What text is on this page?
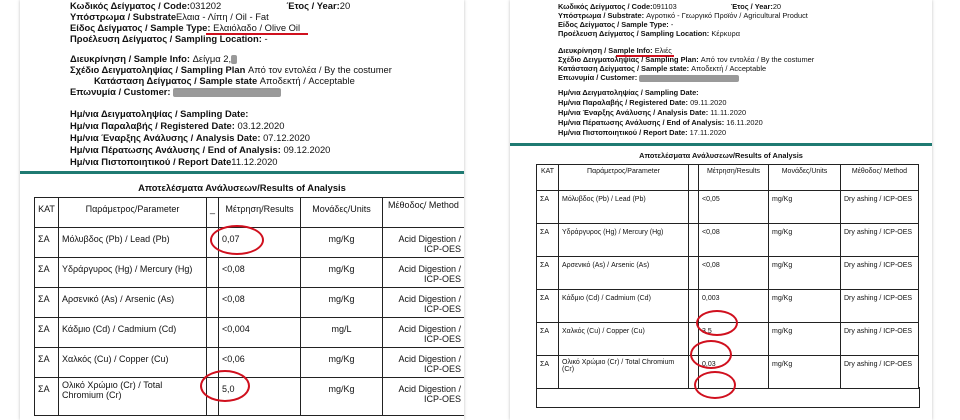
Κωδικός Δείγματος / Code:031202	Έτος / Year:20
Υπόστρωμα / SubstrateΕλαια - Λίπη / Oil - Fat
Είδος Δείγματος / Sample Type: Ελαιόλαδο / Olive Oil
Προέλευση Δείγματος / Sampling Location: -
Διευκρίνηση / Sample Info: Δείγμα 2,
Σχέδιο Δειγματοληψίας / Sampling Plan Από τον εντολέα / By the costumer
Κατάσταση Δείγματος / Sample state Αποδεκτή / Acceptable
Επωνυμία / Customer:
Ημ/νια Δειγματοληψίας / Sampling Date:
Ημ/νια Παραλαβής / Registered Date: 03.12.2020
Ημ/νια Έναρξης Ανάλυσης / Analysis Date: 07.12.2020
Ημ/νια Πέρατωσης Ανάλυσης / End of Analysis: 09.12.2020
Ημ/νια Πιστοποιητικού / Report Date11.12.2020
Αποτελέσματα Ανάλυσεων/Results of Analysis
ΚΑΤ	Παράμετρος/Parameter	_	Μέτρηση/Results	Μονάδες/Units	Μέθοδος/ Method
ΣΑ	Μόλυβδος (Pb) / Lead (Pb)		0,07	mg/Kg	Acid Digestion / ICP-OES
ΣΑ	Υδράργυρος (Hg) / Mercury (Hg)		<0,08	mg/Kg	Acid Digestion / ICP-OES
ΣΑ	Αρσενικό (As) / Arsenic (As)		<0,08	mg/Kg	Acid Digestion / ICP-OES
ΣΑ	Κάδμιο (Cd) / Cadmium (Cd)		<0,004	mg/L	Acid Digestion / ICP-OES
ΣΑ	Χαλκός (Cu) / Copper (Cu)		<0,06	mg/Kg	Acid Digestion / ICP-OES
ΣΑ	Ολικό Χρώμιο (Cr) / Total Chromium (Cr)		5,0	mg/Kg	Acid Digestion / ICP-OES
Κωδικός Δείγματος / Code:091103	Έτος / Year:20
Υπόστρωμα / Substrate: Αγροτικό - Γεωργικό Προϊόν / Agricultural Product
Είδος Δείγματος / Sample Type: -
Προέλευση Δείγματος / Sampling Location: Κέρκυρα
Διευκρίνηση / Sample Info: Ελιές
Σχέδιο Δειγματοληψίας / Sampling Plan: Από τον εντολέα / By the costumer
Κατάσταση Δείγματος / Sample state: Αποδεκτή / Acceptable
Επωνυμία / Customer:
Ημ/νια Δειγματοληψίας / Sampling Date:
Ημ/νια Παραλαβής / Registered Date: 09.11.2020
Ημ/νια Έναρξης Ανάλυσης / Analysis Date: 11.11.2020
Ημ/νια Πέρατωσης Ανάλυσης / End of Analysis: 16.11.2020
Ημ/νια Πιστοποιητικού / Report Date: 17.11.2020
Αποτελέσματα Ανάλυσεων/Results of Analysis
ΚΑΤ	Παράμετρος/Parameter		Μέτρηση/Results	Μονάδες/Units	Μέθοδος/ Method
ΣΑ	Μόλυβδος (Pb) / Lead (Pb)		<0,05	mg/Kg	Dry ashing / ICP-OES
ΣΑ	Υδράργυρος (Hg) / Mercury (Hg)		<0,08	mg/Kg	Dry ashing / ICP-OES
ΣΑ	Αρσενικό (As) / Arsenic (As)		<0,08	mg/Kg	Dry ashing / ICP-OES
ΣΑ	Κάδμιο (Cd) / Cadmium (Cd)		0,003	mg/Kg	Dry ashing / ICP-OES
ΣΑ	Χαλκός (Cu) / Copper (Cu)		3,5	mg/Kg	Dry ashing / ICP-OES
ΣΑ	Ολικό Χρώμιο (Cr) / Total Chromium (Cr)		0,03	mg/Kg	Dry ashing / ICP-OES
